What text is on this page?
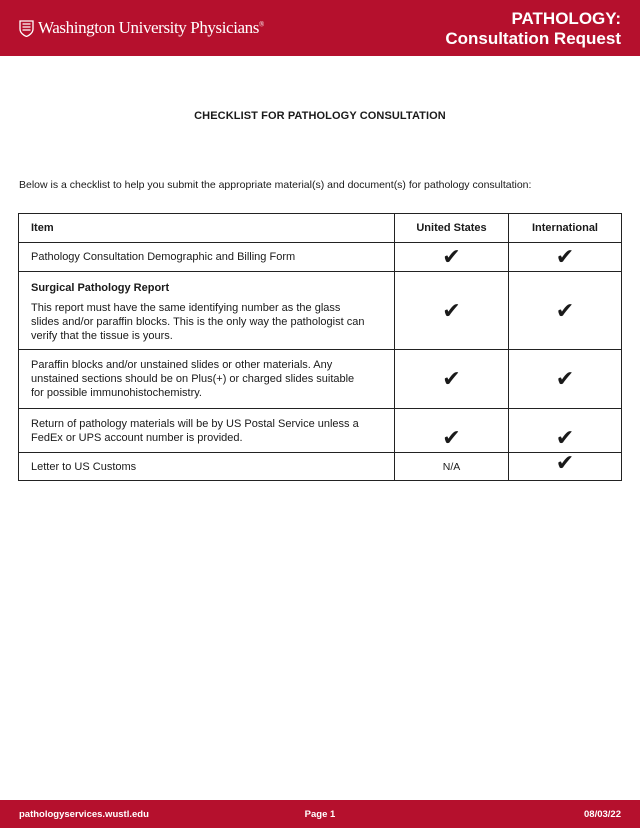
Washington University Physicians®	PATHOLOGY:
Consultation Request
CHECKLIST FOR PATHOLOGY CONSULTATION
Below is a checklist to help you submit the appropriate material(s) and document(s) for pathology consultation:
Item	United States	International
Pathology Consultation Demographic and Billing Form	✔	✔

Surgical Pathology Report
This report must have the same identifying number as the glass slides and/or paraffin blocks. This is the only way the pathologist can verify that the tissue is yours.	✔	✔
Paraffin blocks and/or unstained slides or other materials. Any unstained sections should be on Plus(+) or charged slides suitable for possible immunohistochemistry.	✔	✔
Return of pathology materials will be by US Postal Service unless a FedEx or UPS account number is provided.	✔	✔
Letter to US Customs	N/A	✔
pathologyservices.wustl.edu	Page 1	08/03/22
